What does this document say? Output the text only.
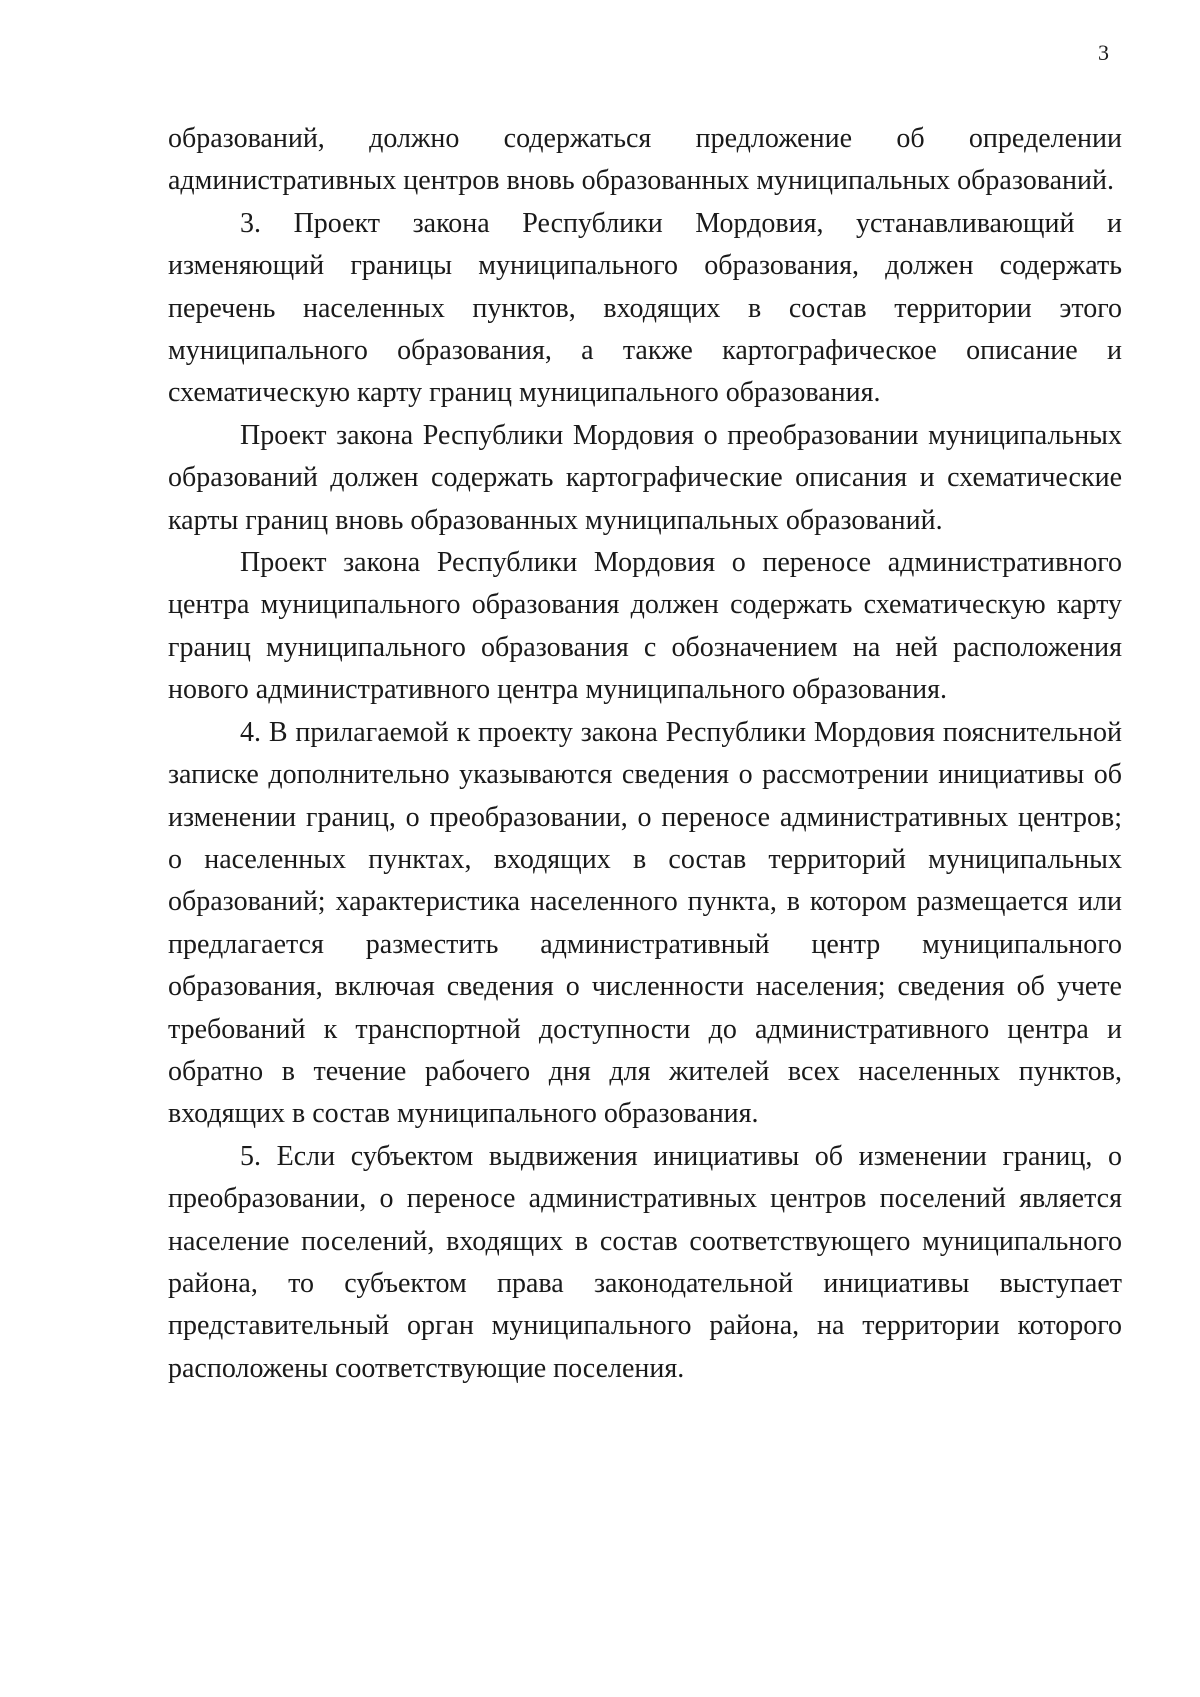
3

образований, должно содержаться предложение об определении административных центров вновь образованных муниципальных образований.

3. Проект закона Республики Мордовия, устанавливающий и изменяющий границы муниципального образования, должен содержать перечень населенных пунктов, входящих в состав территории этого муниципального образования, а также картографическое описание и схематическую карту границ муниципального образования.

Проект закона Республики Мордовия о преобразовании муниципальных образований должен содержать картографические описания и схематические карты границ вновь образованных муниципальных образований.

Проект закона Республики Мордовия о переносе административного центра муниципального образования должен содержать схематическую карту границ муниципального образования с обозначением на ней расположения нового административного центра муниципального образования.

4. В прилагаемой к проекту закона Республики Мордовия пояснительной записке дополнительно указываются сведения о рассмотрении инициативы об изменении границ, о преобразовании, о переносе административных центров; о населенных пунктах, входящих в состав территорий муниципальных образований; характеристика населенного пункта, в котором размещается или предлагается разместить административный центр муниципального образования, включая сведения о численности населения; сведения об учете требований к транспортной доступности до административного центра и обратно в течение рабочего дня для жителей всех населенных пунктов, входящих в состав муниципального образования.

5. Если субъектом выдвижения инициативы об изменении границ, о преобразовании, о переносе административных центров поселений является население поселений, входящих в состав соответствующего муниципального района, то субъектом права законодательной инициативы выступает представительный орган муниципального района, на территории которого расположены соответствующие поселения.
